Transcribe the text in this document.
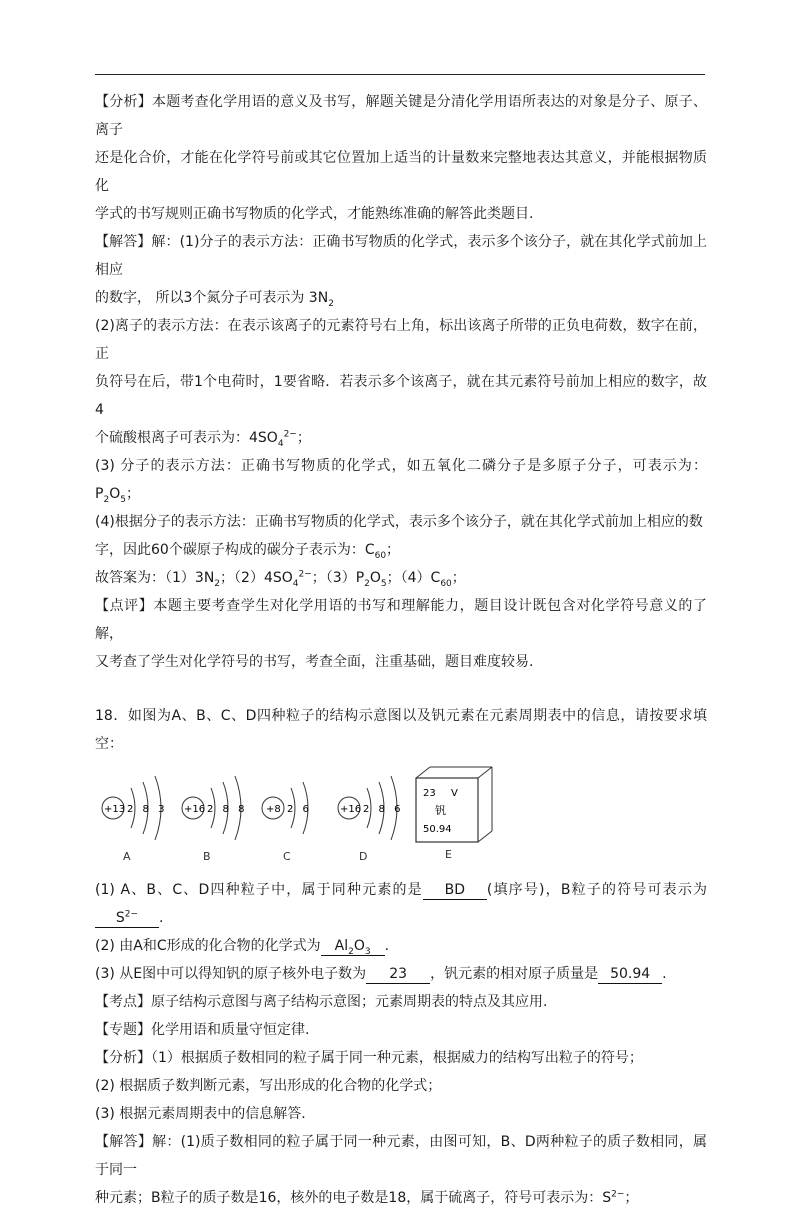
【分析】本题考查化学用语的意义及书写，解题关键是分清化学用语所表达的对象是分子、原子、离子

还是化合价，才能在化学符号前或其它位置加上适当的计量数来完整地表达其意义，并能根据物质化

学式的书写规则正确书写物质的化学式，才能熟练准确的解答此类题目.

【解答】解：(1)分子的表示方法：正确书写物质的化学式，表示多个该分子，就在其化学式前加上相应

的数字， 所以3个氮分子可表示为 $3N_2$

(2)离子的表示方法：在表示该离子的元素符号右上角，标出该离子所带的正负电荷数，数字在前，正

负符号在后，带1个电荷时，1要省略．若表示多个该离子，就在其元素符号前加上相应的数字，故4

个硫酸根离子可表示为：$4SO_4^{2-}$；

(3) 分子的表示方法：正确书写物质的化学式，如五氧化二磷分子是多原子分子，可表示为：$P_2O_5$；

(4)根据分子的表示方法：正确书写物质的化学式，表示多个该分子，就在其化学式前加上相应的数

字，因此60个碳原子构成的碳分子表示为：$C_{60}$；

故答案为：$(1)3N_2$；$(2)4SO_4^{2-}$；$(3)P_2O_5$；$(4)C_{60}$；

【点评】本题主要考查学生对化学用语的书写和理解能力，题目设计既包含对化学符号意义的了解，

又考查了学生对化学符号的书写，考查全面，注重基础，题目难度较易.

18．如图为A、B、C、D四种粒子的结构示意图以及钒元素在元素周期表中的信息，请按要求填空：

+13 2 8 3
A
+16 2 8 8
B
+8 2 6
C
+16 2 8 6
D
23 V
钒
50.94
E

(1) A、B、C、D四种粒子中，属于同种元素的是 BD (填序号)，B粒子的符号可表示为$S^{2-}$ .

(2) 由A和C形成的化合物的化学式为 $Al_2O_3$ .

(3) 从E图中可以得知钒的原子核外电子数为 23 ，钒元素的相对原子质量是 50.94 .

【考点】原子结构示意图与离子结构示意图；元素周期表的特点及其应用.

【专题】化学用语和质量守恒定律.

【分析】（1）根据质子数相同的粒子属于同一种元素，根据威力的结构写出粒子的符号；

(2) 根据质子数判断元素，写出形成的化合物的化学式；

(3) 根据元素周期表中的信息解答.

【解答】解：(1)质子数相同的粒子属于同一种元素，由图可知，B、D两种粒子的质子数相同，属于同一

种元素；B粒子的质子数是16，核外的电子数是18，属于硫离子，符号可表示为：$S^{2-}$；
